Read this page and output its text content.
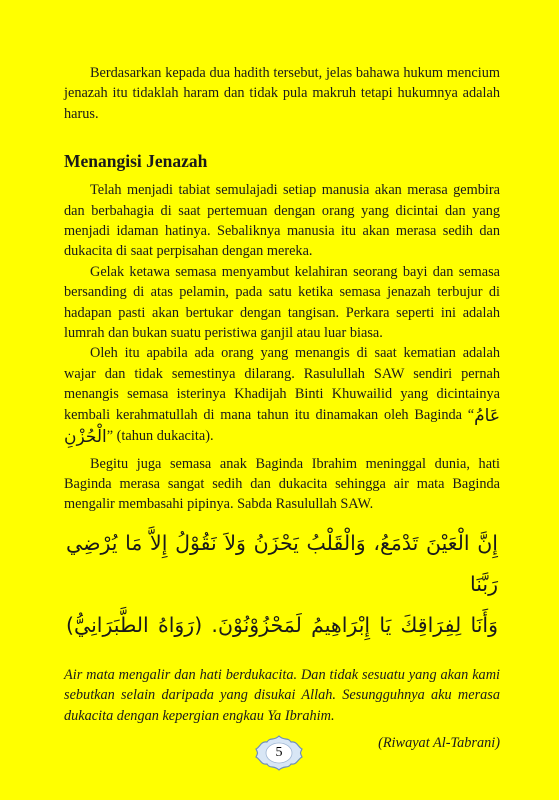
Berdasarkan kepada dua hadith tersebut, jelas bahawa hukum mencium jenazah itu tidaklah haram dan tidak pula makruh tetapi hukumnya adalah harus.

Menangisi Jenazah

Telah menjadi tabiat semulajadi setiap manusia akan merasa gembira dan berbahagia di saat pertemuan dengan orang yang dicintai dan yang menjadi idaman hatinya. Sebaliknya manusia itu akan merasa sedih dan dukacita di saat perpisahan dengan mereka.

Gelak ketawa semasa menyambut kelahiran seorang bayi dan semasa bersanding di atas pelamin, pada satu ketika semasa jenazah terbujur di hadapan pasti akan bertukar dengan tangisan. Perkara seperti ini adalah lumrah dan bukan suatu peristiwa ganjil atau luar biasa.

Oleh itu apabila ada orang yang menangis di saat kematian adalah wajar dan tidak semestinya dilarang. Rasulullah SAW sendiri pernah menangis semasa isterinya Khadijah Binti Khuwailid yang dicintainya kembali kerahmatullah di mana tahun itu dinamakan oleh Baginda “عَامُ الْحُزْنِ” (tahun dukacita).

Begitu juga semasa anak Baginda Ibrahim meninggal dunia, hati Baginda merasa sangat sedih dan dukacita sehingga air mata Baginda mengalir membasahi pipinya. Sabda Rasulullah SAW.

إِنَّ الْعَيْنَ تَدْمَعُ، وَالْقَلْبُ يَحْزَنُ وَلاَ نَقُوْلُ إِلاَّ مَا يُرْضِي رَبَّنَا
وَأَنَا لِفِرَاقِكَ يَا إِبْرَاهِيمُ لَمَحْزُوْنُوْنَ. (رَوَاهُ الطَّبَرَانِيُّ)

Air mata mengalir dan hati berdukacita. Dan tidak sesuatu yang akan kami sebutkan selain daripada yang disukai Allah. Sesungguhnya aku merasa dukacita dengan kepergian engkau Ya Ibrahim.

(Riwayat Al-Tabrani)
5
